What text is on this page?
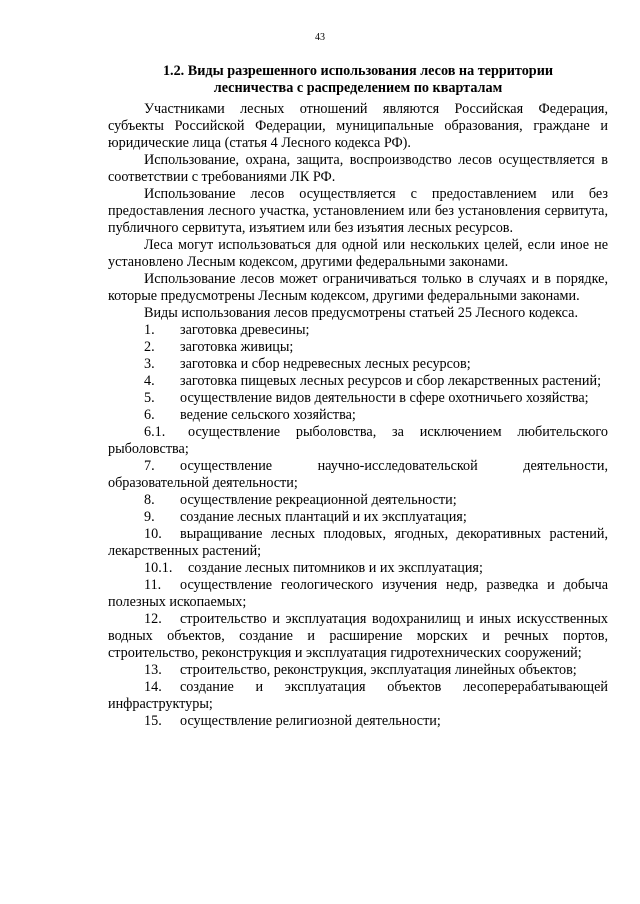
43
1.2. Виды разрешенного использования лесов на территории
лесничества с распределением по кварталам

Участниками лесных отношений являются Российская Федерация, субъекты Российской Федерации, муниципальные образования, граждане и юридические лица (статья 4 Лесного кодекса РФ).

Использование, охрана, защита, воспроизводство лесов осуществляется в соответствии с требованиями ЛК РФ.

Использование лесов осуществляется с предоставлением или без предоставления лесного участка, установлением или без установления сервитута, публичного сервитута, изъятием или без изъятия лесных ресурсов.

Леса могут использоваться для одной или нескольких целей, если иное не установлено Лесным кодексом, другими федеральными законами.

Использование лесов может ограничиваться только в случаях и в порядке, которые предусмотрены Лесным кодексом, другими федеральными законами.

Виды использования лесов предусмотрены статьей 25 Лесного кодекса.

1. заготовка древесины;

2. заготовка живицы;

3. заготовка и сбор недревесных лесных ресурсов;

4. заготовка пищевых лесных ресурсов и сбор лекарственных растений;

5. осуществление видов деятельности в сфере охотничьего хозяйства;

6. ведение сельского хозяйства;

6.1. осуществление рыболовства, за исключением любительского рыболовства;

7. осуществление научно-исследовательской деятельности, образовательной деятельности;

8. осуществление рекреационной деятельности;

9. создание лесных плантаций и их эксплуатация;

10. выращивание лесных плодовых, ягодных, декоративных растений, лекарственных растений;

10.1. создание лесных питомников и их эксплуатация;

11. осуществление геологического изучения недр, разведка и добыча полезных ископаемых;

12. строительство и эксплуатация водохранилищ и иных искусственных водных объектов, создание и расширение морских и речных портов, строительство, реконструкция и эксплуатация гидротехнических сооружений;

13. строительство, реконструкция, эксплуатация линейных объектов;

14. создание и эксплуатация объектов лесоперерабатывающей инфраструктуры;

15. осуществление религиозной деятельности;
